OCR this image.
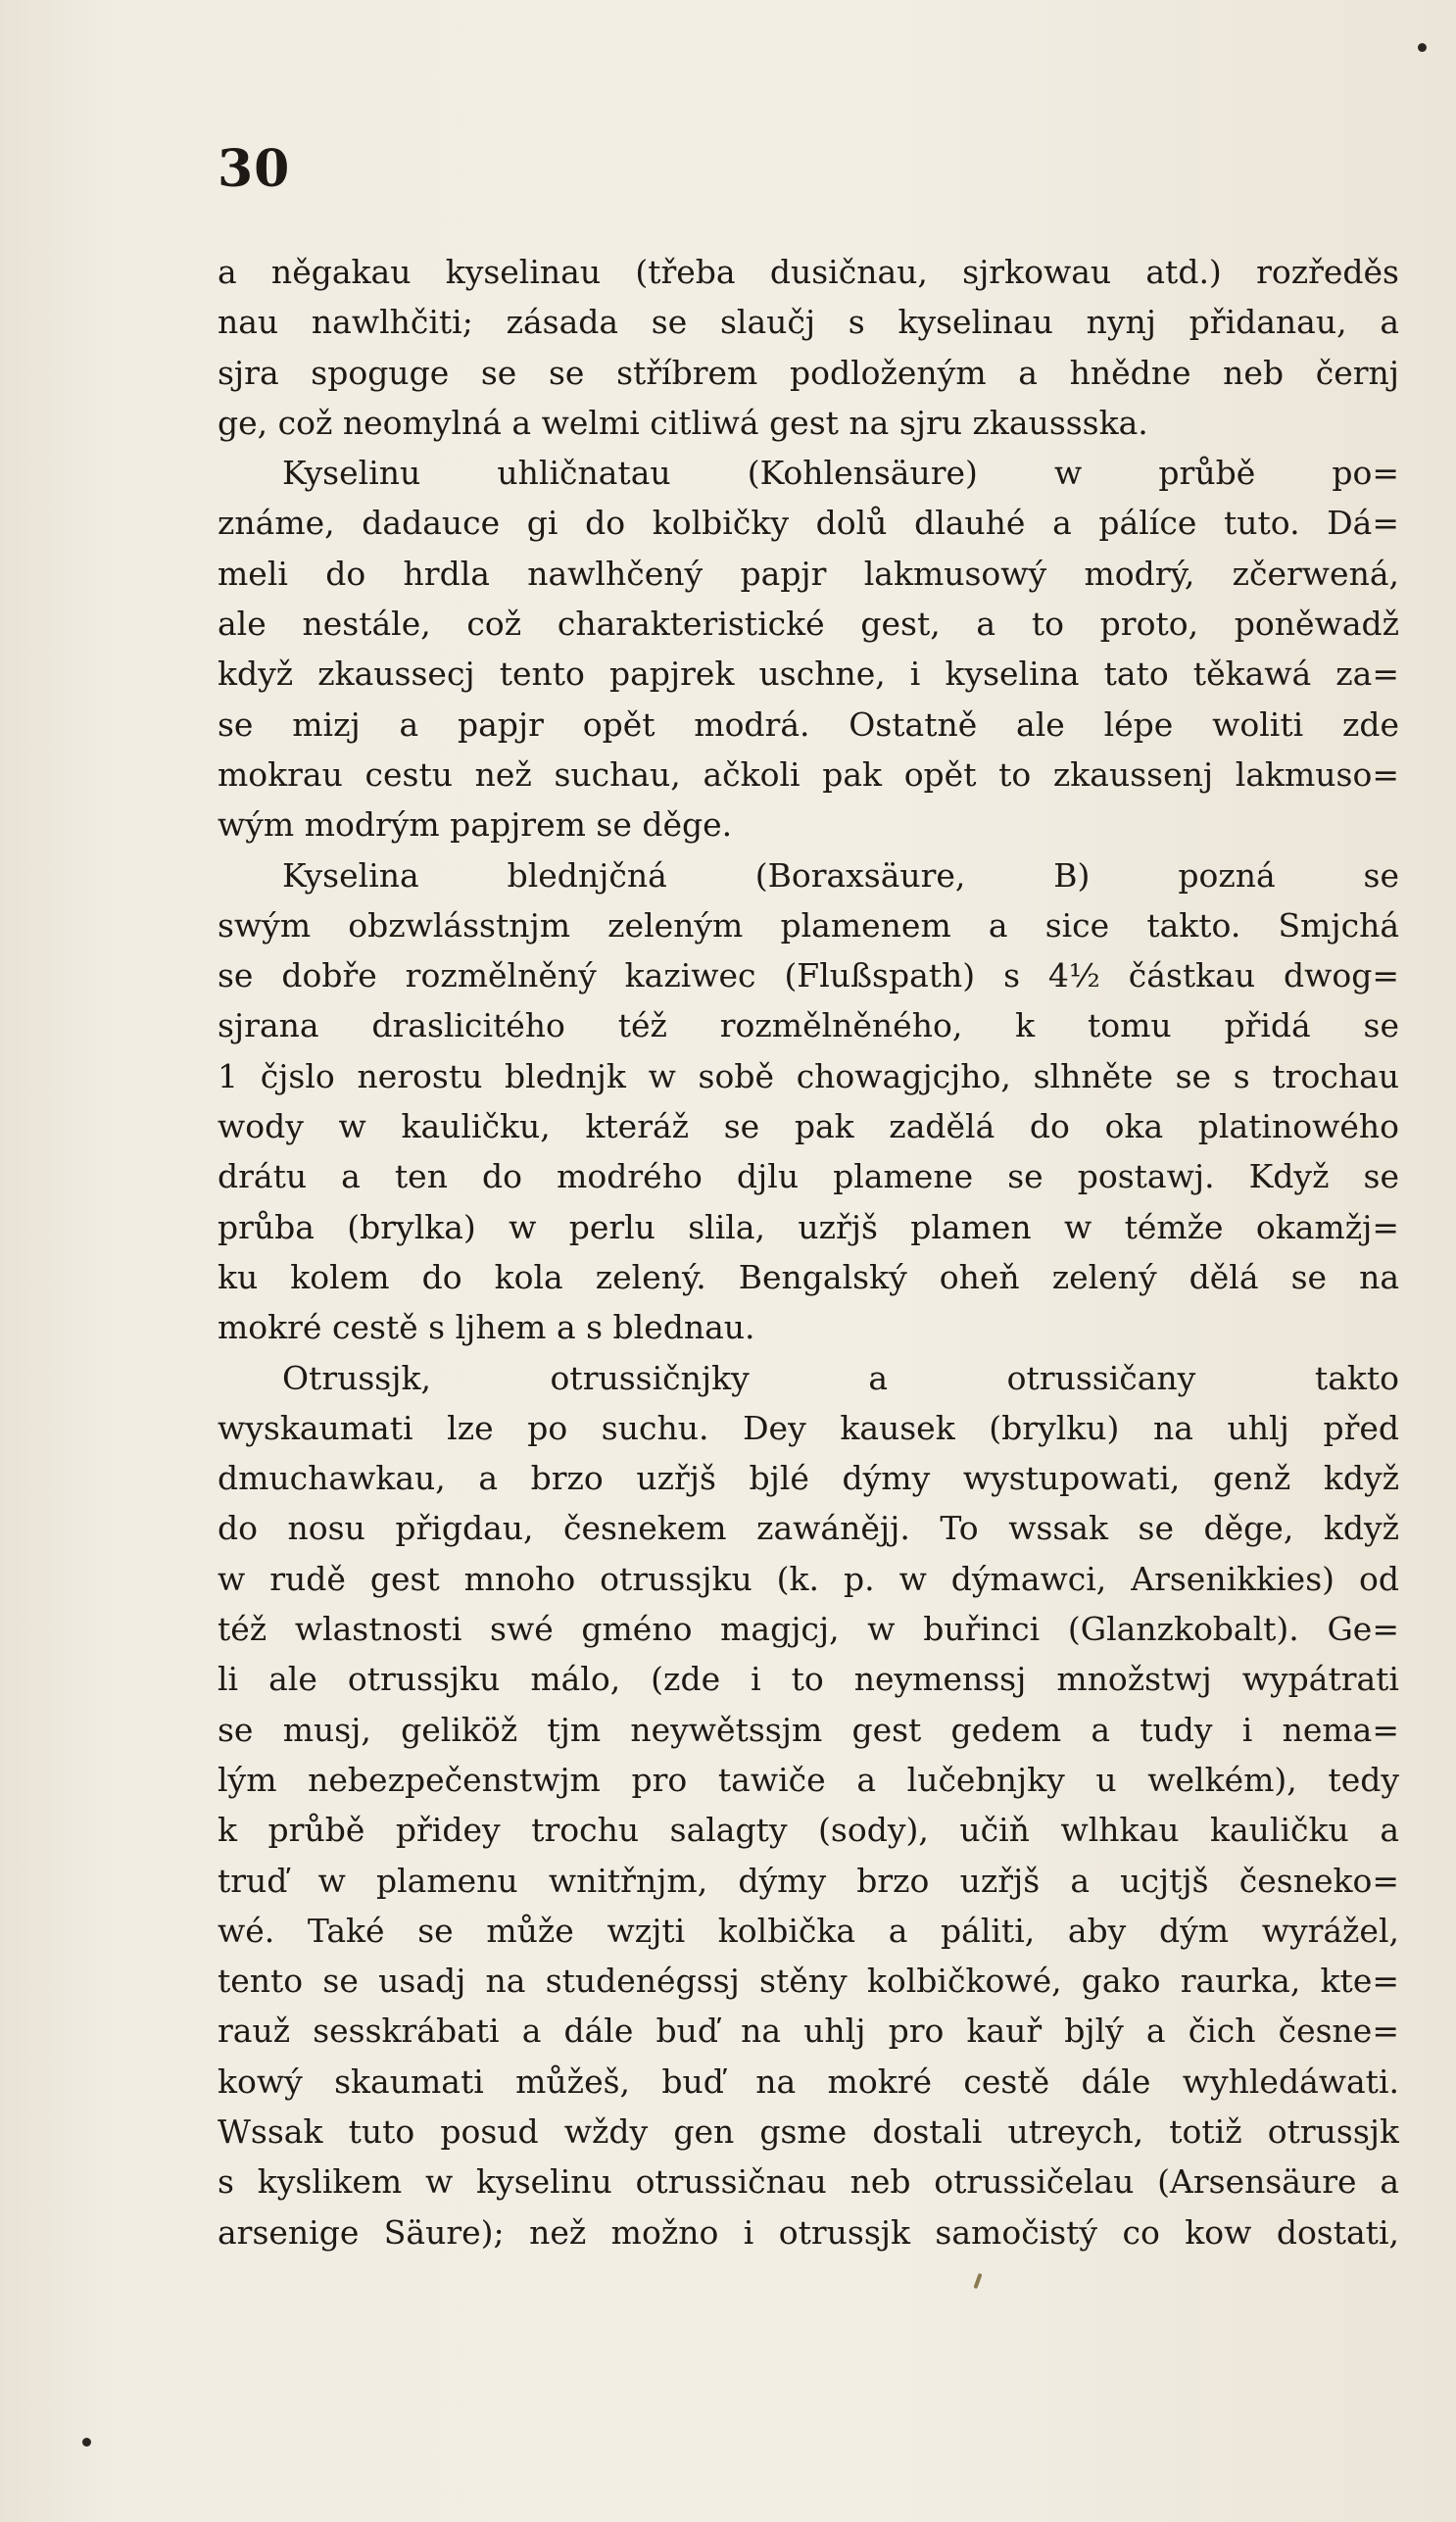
30
a něgakau kyselinau (třeba dusičnau, sjrkowau atd.) rozředěs
nau nawlhčiti; zásada se slaučj s kyselinau nynj přidanau, a
sjra spoguge se se stříbrem podloženým a hnědne neb černj
ge, což neomylná a welmi citliwá gest na sjru zkaussska.
Kyselinu uhličnatau (Kohlensäure) w průbě po=
známe, dadauce gi do kolbičky dolů dlauhé a pálíce tuto. Dá=
meli do hrdla nawlhčený papjr lakmusowý modrý, zčerwená,
ale nestále, což charakteristické gest, a to proto, poněwadž
když zkaussecj tento papjrek uschne, i kyselina tato těkawá za=
se mizj a papjr opět modrá. Ostatně ale lépe woliti zde
mokrau cestu než suchau, ačkoli pak opět to zkaussenj lakmuso=
wým modrým papjrem se děge.
Kyselina blednjčná (Boraxsäure, B) pozná se
swým obzwlásstnjm zeleným plamenem a sice takto. Smjchá
se dobře rozmělněný kaziwec (Flußspath) s 4½ částkau dwog=
sjrana draslicitého též rozmělněného, k tomu přidá se
1 čjslo nerostu blednjk w sobě chowagjcjho, slhněte se s trochau
wody w kauličku, kteráž se pak zadělá do oka platinowého
drátu a ten do modrého djlu plamene se postawj. Když se
průba (brylka) w perlu slila, uzřjš plamen w témže okamžj=
ku kolem do kola zelený. Bengalský oheň zelený dělá se na
mokré cestě s ljhem a s blednau.
Otrussjk, otrussičnjky a otrussičany takto
wyskaumati lze po suchu. Dey kausek (brylku) na uhlj před
dmuchawkau, a brzo uzřjš bjlé dýmy wystupowati, genž když
do nosu přigdau, česnekem zawánějj. To wssak se děge, když
w rudě gest mnoho otrussjku (k. p. w dýmawci, Arsenikkies) od
též wlastnosti swé gméno magjcj, w buřinci (Glanzkobalt). Ge=
li ale otrussjku málo, (zde i to neymenssj množstwj wypátrati
se musj, geliköž tjm neywětssjm gest gedem a tudy i nema=
lým nebezpečenstwjm pro tawiče a lučebnjky u welkém), tedy
k průbě přidey trochu salagty (sody), učiň wlhkau kauličku a
truď w plamenu wnitřnjm, dýmy brzo uzřjš a ucjtjš česneko=
wé. Také se může wzjti kolbička a páliti, aby dým wyrážel,
tento se usadj na studenégssj stěny kolbičkowé, gako raurka, kte=
rauž sesskrábati a dále buď na uhlj pro kauř bjlý a čich česne=
kowý skaumati můžeš, buď na mokré cestě dále wyhledáwati.
Wssak tuto posud wždy gen gsme dostali utreych, totiž otrussjk
s kyslikem w kyselinu otrussičnau neb otrussičelau (Arsensäure a
arsenige Säure); než možno i otrussjk samočistý co kow dostati,
